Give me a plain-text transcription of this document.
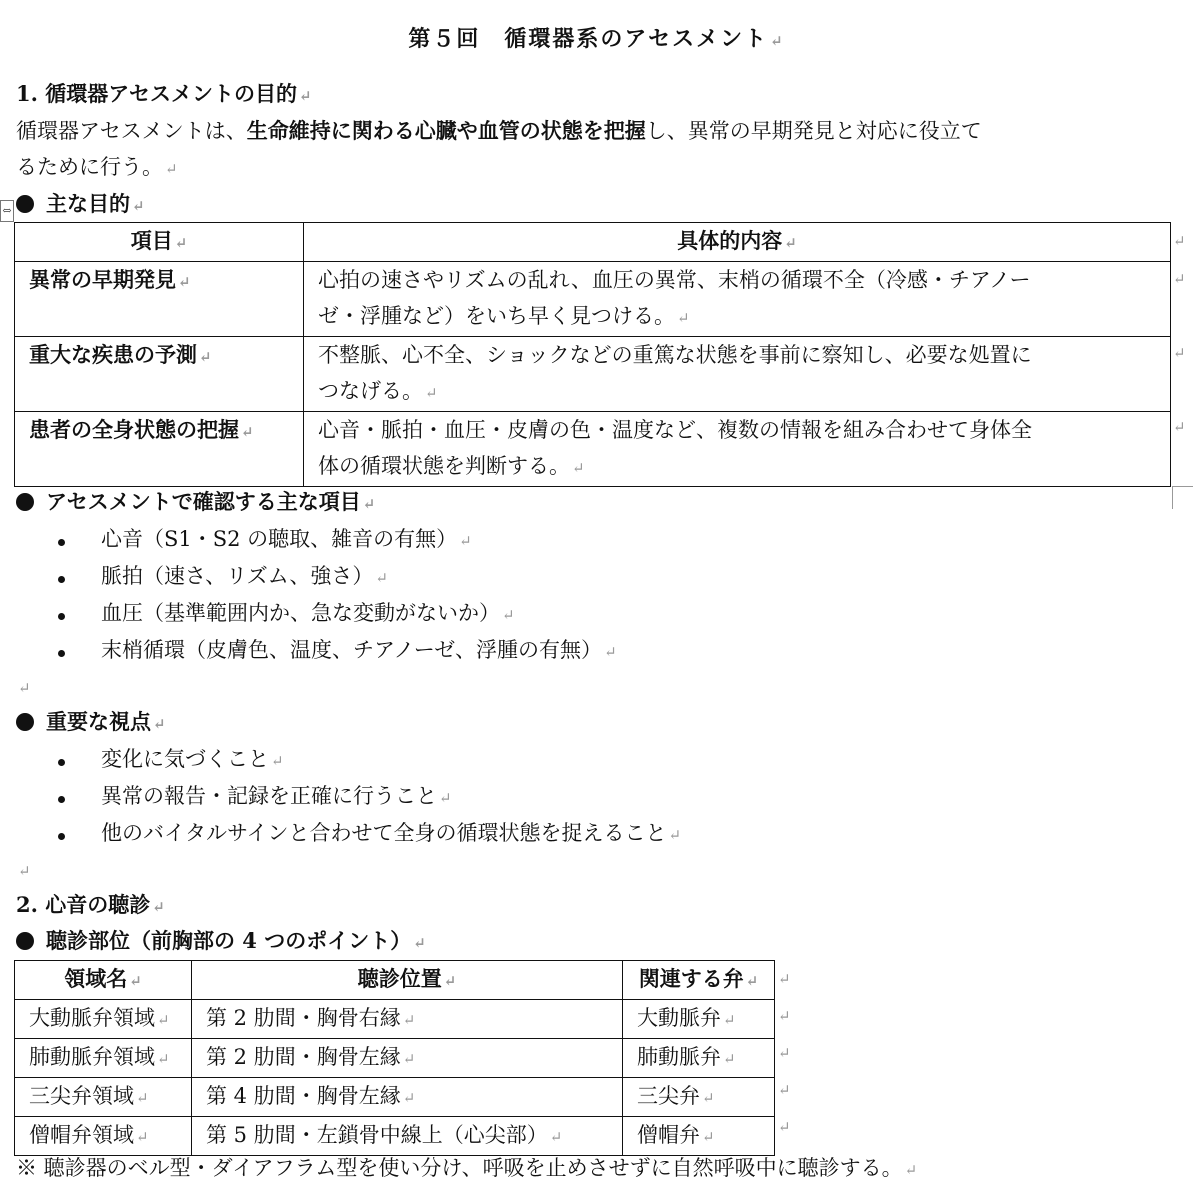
第５回　循環器系のアセスメント ↵
1. 循環器アセスメントの目的 ↵
循環器アセスメントは、生命維持に関わる心臓や血管の状態を把握し、異常の早期発見と対応に役立て
るために行う。 ↵
⇔	主な目的 ↵
項目 ↵	具体的内容 ↵
異常の早期発見 ↵	心拍の速さやリズムの乱れ、血圧の異常、末梢の循環不全（冷感・チアノー
ゼ・浮腫など）をいち早く見つける。 ↵
重大な疾患の予測 ↵	不整脈、心不全、ショックなどの重篤な状態を事前に察知し、必要な処置に
つなげる。 ↵
患者の全身状態の把握 ↵	心音・脈拍・血圧・皮膚の色・温度など、複数の情報を組み合わせて身体全
体の循環状態を判断する。 ↵
↵
↵
↵
↵
アセスメントで確認する主な項目 ↵
心音（S1・S2 の聴取、雑音の有無） ↵
脈拍（速さ、リズム、強さ） ↵
血圧（基準範囲内か、急な変動がないか） ↵
末梢循環（皮膚色、温度、チアノーゼ、浮腫の有無） ↵
↵
重要な視点 ↵
変化に気づくこと ↵
異常の報告・記録を正確に行うこと ↵
他のバイタルサインと合わせて全身の循環状態を捉えること ↵
↵
2. 心音の聴診 ↵
聴診部位（前胸部の 4 つのポイント） ↵
領域名 ↵	聴診位置 ↵	関連する弁 ↵
大動脈弁領域 ↵	第 2 肋間・胸骨右縁 ↵	大動脈弁 ↵
肺動脈弁領域 ↵	第 2 肋間・胸骨左縁 ↵	肺動脈弁 ↵
三尖弁領域 ↵	第 4 肋間・胸骨左縁 ↵	三尖弁 ↵
僧帽弁領域 ↵	第 5 肋間・左鎖骨中線上（心尖部） ↵	僧帽弁 ↵
↵
↵
↵
↵
↵
※ 聴診器のベル型・ダイアフラム型を使い分け、呼吸を止めさせずに自然呼吸中に聴診する。 ↵
